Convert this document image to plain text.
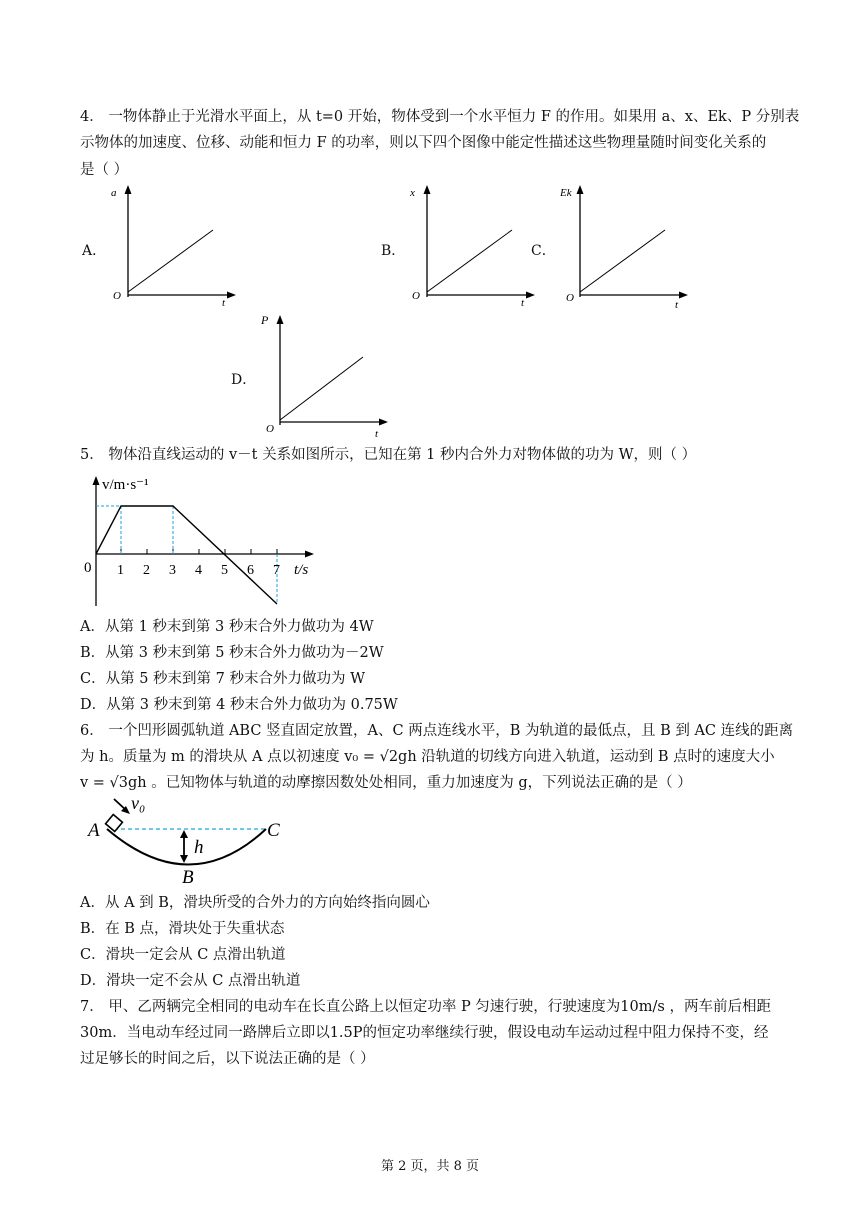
4． 一物体静止于光滑水平面上，从 t=0 开始，物体受到一个水平恒力 F 的作用。如果用 a、x、Ek、P 分别表
示物体的加速度、位移、动能和恒力 F 的功率，则以下四个图像中能定性描述这些物理量随时间变化关系的
是（ ）
A．
a
O
t
B．
x
O
t
C．
Ek
O
t
D．
P
O	t
5． 物体沿直线运动的 v－t 关系如图所示，已知在第 1 秒内合外力对物体做的功为 W，则（ ）
v/m·s⁻¹
0 1 2 3 4 5 6 7 t/s
A．从第 1 秒末到第 3 秒末合外力做功为 4W
B．从第 3 秒末到第 5 秒末合外力做功为－2W
C．从第 5 秒末到第 7 秒末合外力做功为 W
D．从第 3 秒末到第 4 秒末合外力做功为 0.75W
6． 一个凹形圆弧轨道 ABC 竖直固定放置，A、C 两点连线水平，B 为轨道的最低点，且 B 到 AC 连线的距离
为 h。质量为 m 的滑块从 A 点以初速度 v₀ = √2gh 沿轨道的切线方向进入轨道，运动到 B 点时的速度大小
v = √3gh 。已知物体与轨道的动摩擦因数处处相同，重力加速度为 g，下列说法正确的是（ ）
A	C
B
h
v₀
A．从 A 到 B，滑块所受的合外力的方向始终指向圆心
B．在 B 点，滑块处于失重状态
C．滑块一定会从 C 点滑出轨道
D．滑块一定不会从 C 点滑出轨道
7． 甲、乙两辆完全相同的电动车在长直公路上以恒定功率 P 匀速行驶，行驶速度为10m/s ，两车前后相距
30m．当电动车经过同一路牌后立即以1.5P的恒定功率继续行驶，假设电动车运动过程中阻力保持不变，经
过足够长的时间之后，以下说法正确的是（ ）
第 2 页，共 8 页
